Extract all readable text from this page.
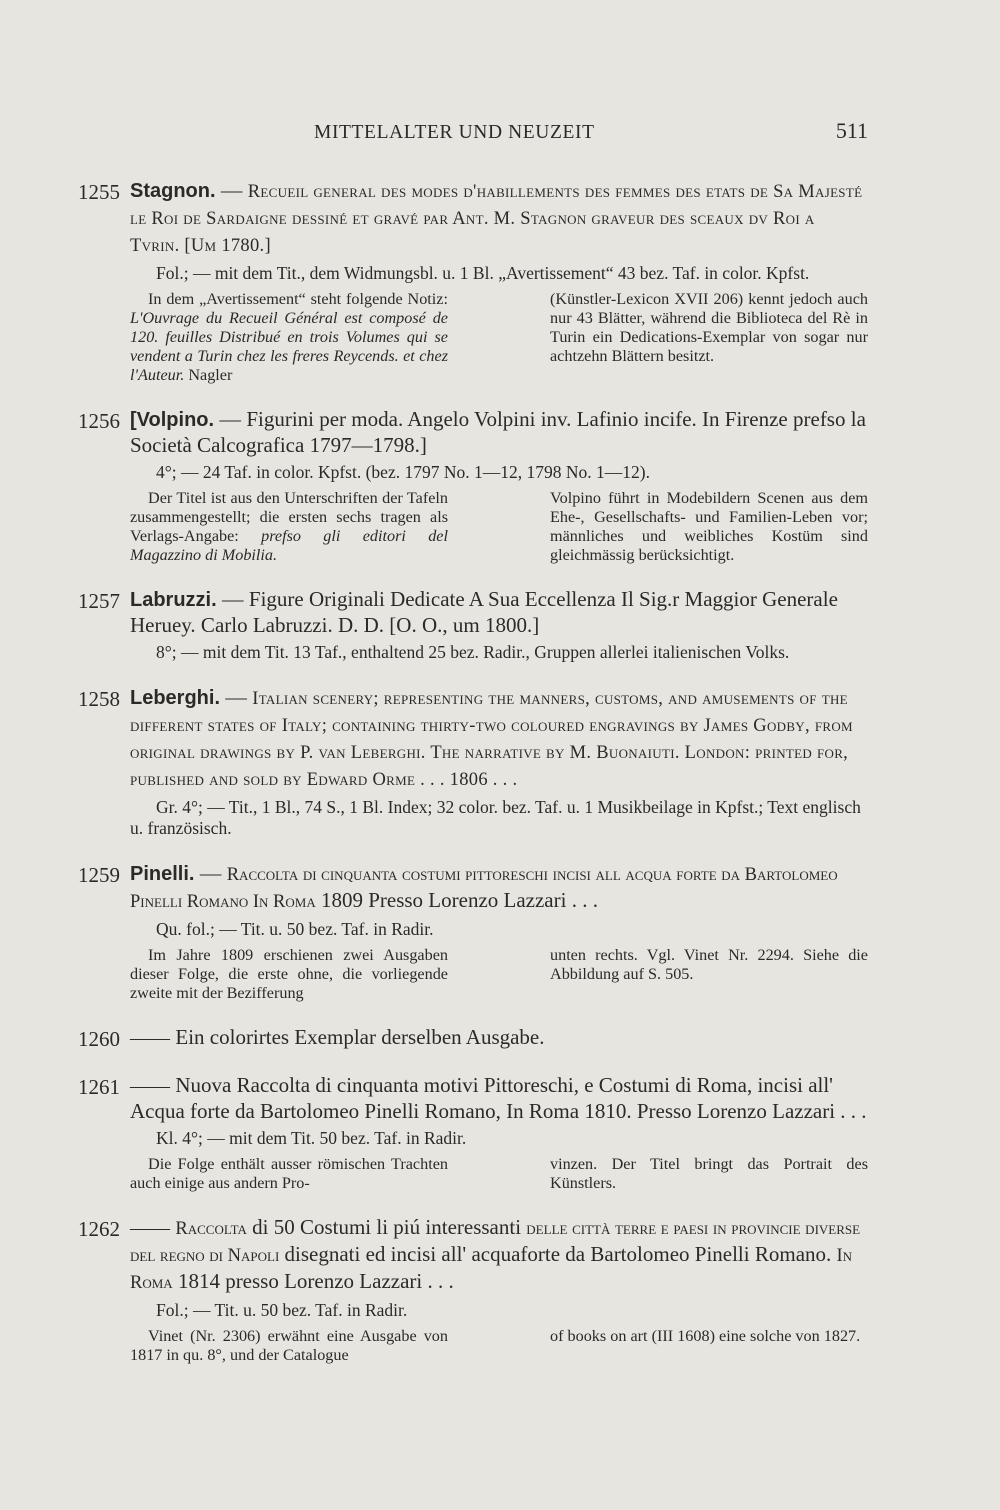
MITTELALTER UND NEUZEIT	511
1255 Stagnon. — Recueil general des modes d'habillements des femmes des etats de Sa Majesté le Roi de Sardaigne dessiné et gravé par Ant. M. Stagnon graveur des sceaux dv Roi a Tvrin. [Um 1780.]
Fol.; — mit dem Tit., dem Widmungsbl. u. 1 Bl. „Avertissement“ 43 bez. Taf. in color. Kpfst.
In dem „Avertissement“ steht folgende Notiz: L'Ouvrage du Recueil Général est composé de 120. feuilles Distribué en trois Volumes qui se vendent a Turin chez les freres Reycends. et chez l'Auteur. Nagler
(Künstler-Lexicon XVII 206) kennt jedoch auch nur 43 Blätter, während die Biblioteca del Rè in Turin ein Dedications-Exemplar von sogar nur achtzehn Blättern besitzt.
1256 [Volpino. — Figurini per moda. Angelo Volpini inv. Lafinio incife. In Firenze prefso la Società Calcografica 1797—1798.]
4°; — 24 Taf. in color. Kpfst. (bez. 1797 No. 1—12, 1798 No. 1—12).
Der Titel ist aus den Unterschriften der Tafeln zusammengestellt; die ersten sechs tragen als Verlags-Angabe: prefso gli editori del Magazzino di Mobilia.
Volpino führt in Modebildern Scenen aus dem Ehe-, Gesellschafts- und Familien-Leben vor; männliches und weibliches Kostüm sind gleichmässig berücksichtigt.
1257 Labruzzi. — Figure Originali Dedicate A Sua Eccellenza Il Sig.r Maggior Generale Heruey. Carlo Labruzzi. D. D. [O. O., um 1800.]
8°; — mit dem Tit. 13 Taf., enthaltend 25 bez. Radir., Gruppen allerlei italienischen Volks.
1258 Leberghi. — Italian scenery; representing the manners, customs, and amusements of the different states of Italy; containing thirty-two coloured engravings by James Godby, from original drawings by P. van Leberghi. The narrative by M. Buonaiuti. London: printed for, published and sold by Edward Orme . . . 1806 . . .
Gr. 4°; — Tit., 1 Bl., 74 S., 1 Bl. Index; 32 color. bez. Taf. u. 1 Musikbeilage in Kpfst.; Text englisch u. französisch.
1259 Pinelli. — Raccolta di cinquanta costumi pittoreschi incisi all acqua forte da Bartolomeo Pinelli Romano In Roma 1809 Presso Lorenzo Lazzari . . .
Qu. fol.; — Tit. u. 50 bez. Taf. in Radir.
Im Jahre 1809 erschienen zwei Ausgaben dieser Folge, die erste ohne, die vorliegende zweite mit der Bezifferung
unten rechts. Vgl. Vinet Nr. 2294. Siehe die Abbildung auf S. 505.
1260 —— Ein colorirtes Exemplar derselben Ausgabe.
1261 —— Nuova Raccolta di cinquanta motivi Pittoreschi, e Costumi di Roma, incisi all' Acqua forte da Bartolomeo Pinelli Romano, In Roma 1810. Presso Lorenzo Lazzari . . .
Kl. 4°; — mit dem Tit. 50 bez. Taf. in Radir.
Die Folge enthält ausser römischen Trachten auch einige aus andern Pro-
vinzen. Der Titel bringt das Portrait des Künstlers.
1262 —— Raccolta di 50 Costumi li piú interessanti delle città terre e paesi in provincie diverse del regno di Napoli disegnati ed incisi all' acquaforte da Bartolomeo Pinelli Romano. In Roma 1814 presso Lorenzo Lazzari . . .
Fol.; — Tit. u. 50 bez. Taf. in Radir.
Vinet (Nr. 2306) erwähnt eine Ausgabe von 1817 in qu. 8°, und der Catalogue
of books on art (III 1608) eine solche von 1827.
